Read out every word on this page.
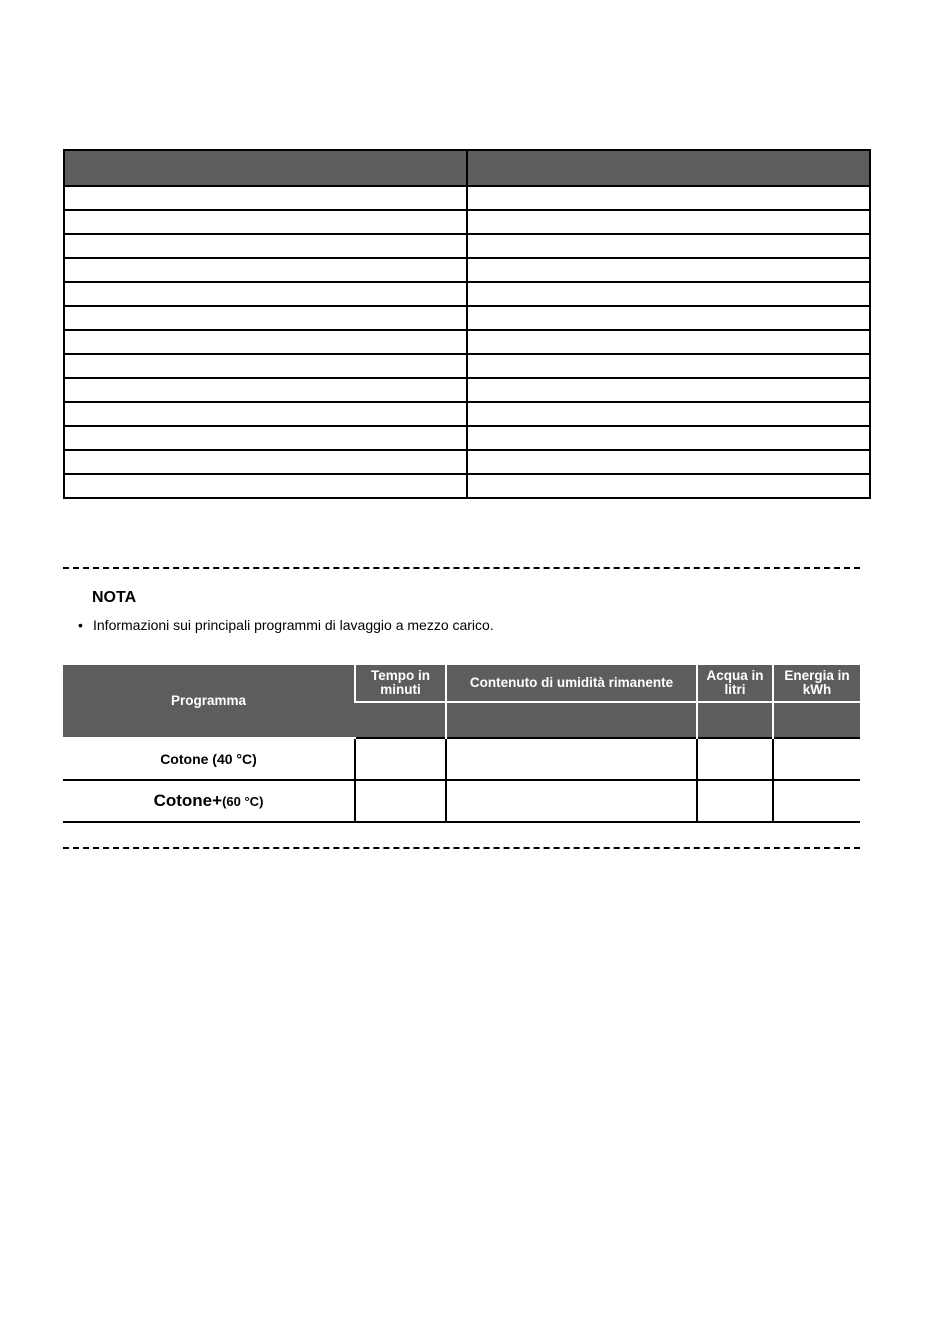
NOTA
• Informazioni sui principali programmi di lavaggio a mezzo carico.
Programma	Tempo in minuti	Contenuto di umidità rimanente	Acqua in litri	Energia in kWh

Cotone (40 °C)				
Cotone+(60 °C)				
